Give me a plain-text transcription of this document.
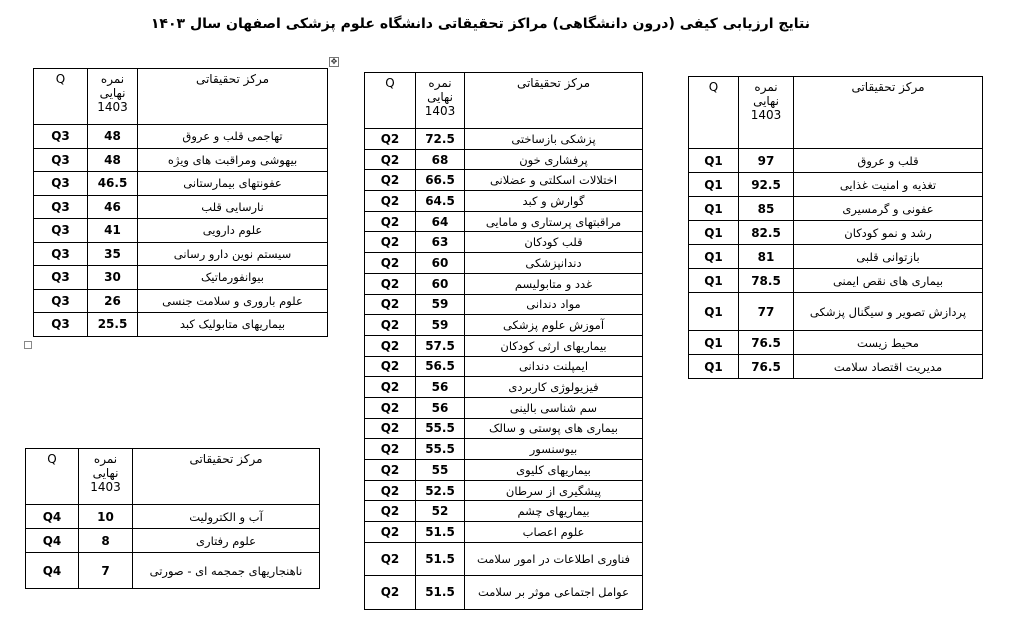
نتایج ارزیابی کیفی (درون دانشگاهی) مراکز تحقیقاتی دانشگاه علوم پزشکی اصفهان سال ۱۴۰۳
مرکز تحقیقاتی	نمره نهایی 1403	Q
قلب و عروق	97	Q1
تغذیه و امنیت غذایی	92.5	Q1
عفونی و گرمسیری	85	Q1
رشد و نمو کودکان	82.5	Q1
بازتوانی قلبی	81	Q1
بیماری های نقص ایمنی	78.5	Q1
پردازش تصویر و سیگنال پزشکی	77	Q1
محیط زیست	76.5	Q1
مدیریت اقتصاد سلامت	76.5	Q1
مرکز تحقیقاتی	نمره نهایی 1403	Q
پزشکی بازساختی	72.5	Q2
پرفشاری خون	68	Q2
اختلالات اسکلتی و عضلانی	66.5	Q2
گوارش و کبد	64.5	Q2
مراقبتهای پرستاری و مامایی	64	Q2
قلب کودکان	63	Q2
دندانپزشکی	60	Q2
غدد و متابولیسم	60	Q2
مواد دندانی	59	Q2
آموزش علوم پزشکی	59	Q2
بیماریهای ارثی کودکان	57.5	Q2
ایمپلنت دندانی	56.5	Q2
فیزیولوژی کاربردی	56	Q2
سم شناسی بالینی	56	Q2
بیماری های پوستی و سالک	55.5	Q2
بیوسنسور	55.5	Q2
بیماریهای کلیوی	55	Q2
پیشگیری از سرطان	52.5	Q2
بیماریهای چشم	52	Q2
علوم اعصاب	51.5	Q2
فناوری اطلاعات در امور سلامت	51.5	Q2
عوامل اجتماعی موثر بر سلامت	51.5	Q2
مرکز تحقیقاتی	نمره نهایی 1403	Q
تهاجمی قلب و عروق	48	Q3
بیهوشی ومراقبت های ویژه	48	Q3
عفونتهای بیمارستانی	46.5	Q3
نارسایی قلب	46	Q3
علوم دارویی	41	Q3
سیستم نوین دارو رسانی	35	Q3
بیوانفورماتیک	30	Q3
علوم باروری و سلامت جنسی	26	Q3
بیماریهای متابولیک کبد	25.5	Q3
مرکز تحقیقاتی	نمره نهایی 1403	Q
آب و الکترولیت	10	Q4
علوم رفتاری	8	Q4
ناهنجاریهای جمجمه ای - صورتی	7	Q4
✥
